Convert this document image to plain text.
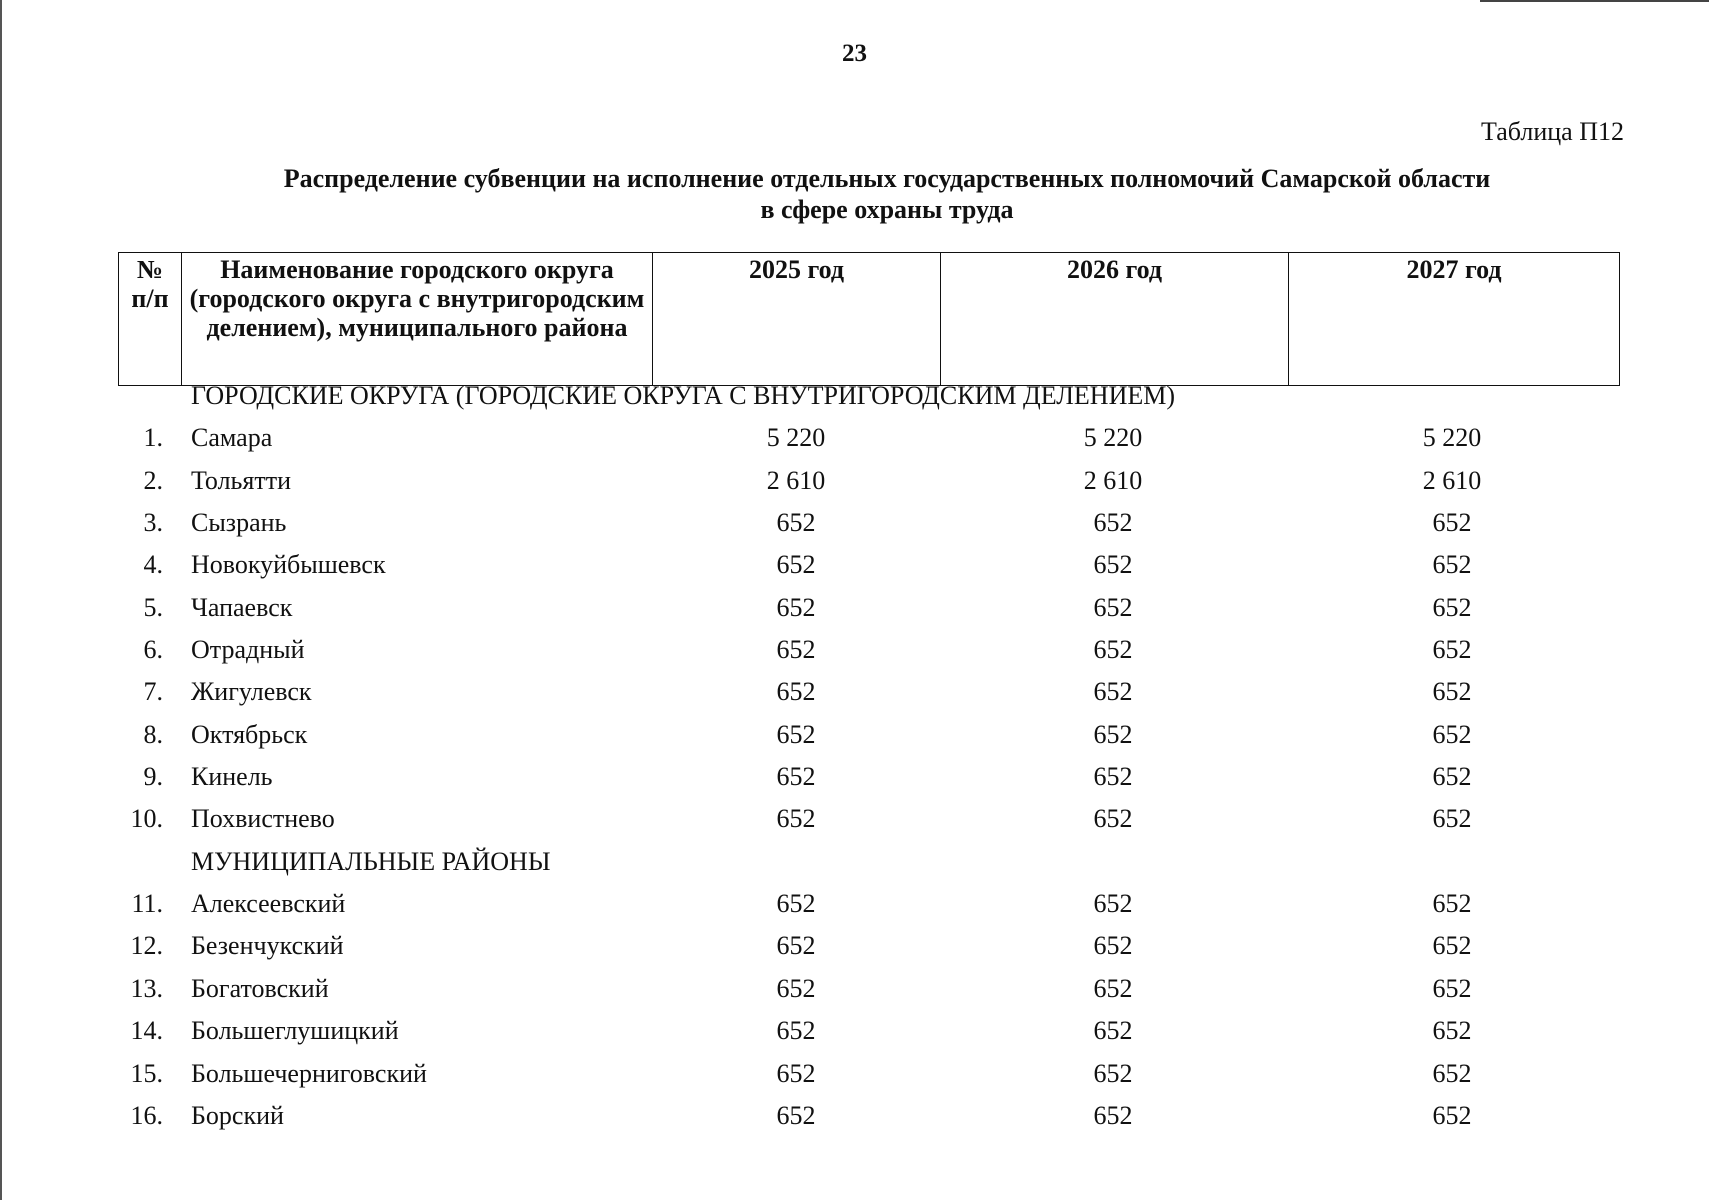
23
Таблица П12
Распределение субвенции на исполнение отдельных государственных полномочий Самарской области
в сфере охраны труда
№ п/п	Наименование городского округа (городского округа с внутригородским делением), муниципального района	2025 год	2026 год	2027 год
ГОРОДСКИЕ ОКРУГА (ГОРОДСКИЕ ОКРУГА С ВНУТРИГОРОДСКИМ ДЕЛЕНИЕМ)
1. Самара	5 220	5 220	5 220
2. Тольятти	2 610	2 610	2 610
3. Сызрань	652	652	652
4. Новокуйбышевск	652	652	652
5. Чапаевск	652	652	652
6. Отрадный	652	652	652
7. Жигулевск	652	652	652
8. Октябрьск	652	652	652
9. Кинель	652	652	652
10. Похвистнево	652	652	652
МУНИЦИПАЛЬНЫЕ РАЙОНЫ
11. Алексеевский	652	652	652
12. Безенчукский	652	652	652
13. Богатовский	652	652	652
14. Большеглушицкий	652	652	652
15. Большечерниговский	652	652	652
16. Борский	652	652	652
